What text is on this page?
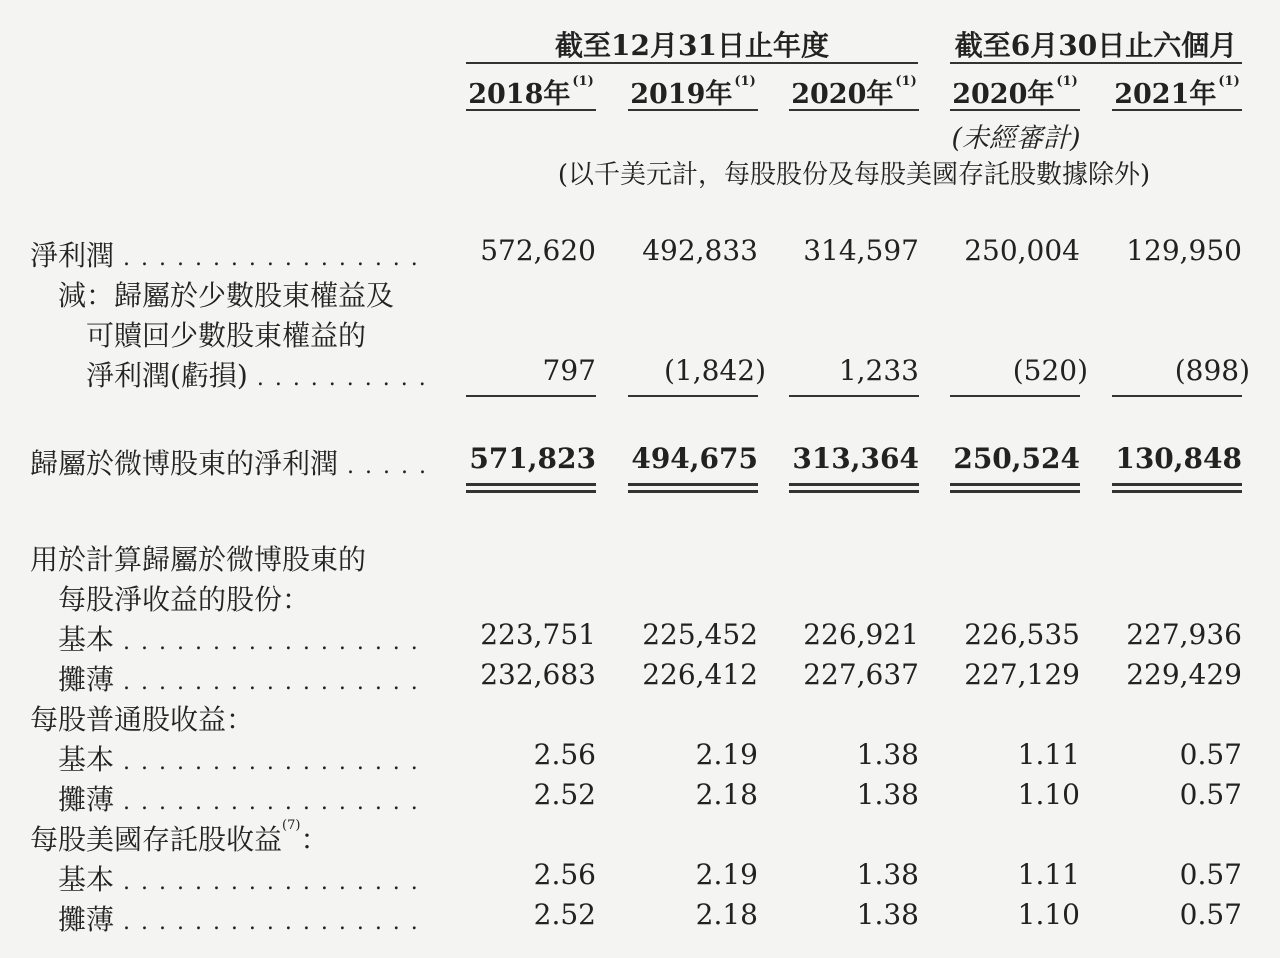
截至12月31日止年度	截至6月30日止六個月
2018年 $^{(1)}$ 2019年 $^{(1)}$ 2020年 $^{(1)}$ 2020年 $^{(1)}$ 2021年 $^{(1)}$
(未經審計)
(以千美元計，每股股份及每股美國存託股數據除外)
淨利潤 . . .	572,620	492,833	314,597	250,004	129,950
減：歸屬於少數股東權益及
可贖回少數股東權益的
淨利潤(虧損) . . .	797	(1,842)	1,233	(520)	(898)
歸屬於微博股東的淨利潤 . . .	571,823 494,675 313,364 250,524 130,848
用於計算歸屬於微博股東的
每股淨收益的股份：
基本 . . .	223,751	225,452	226,921	226,535	227,936
攤薄 . . .	232,683	226,412	227,637	227,129	229,429
每股普通股收益：
基本 . . .	2.56	2.19	1.38	1.11	0.57
攤薄 . . .	2.52	2.18	1.38	1.10	0.57
每股美國存託股收益$^{(7)}$：
基本 . . .	2.56	2.19	1.38	1.11	0.57
攤薄 . . .	2.52	2.18	1.38	1.10	0.57
